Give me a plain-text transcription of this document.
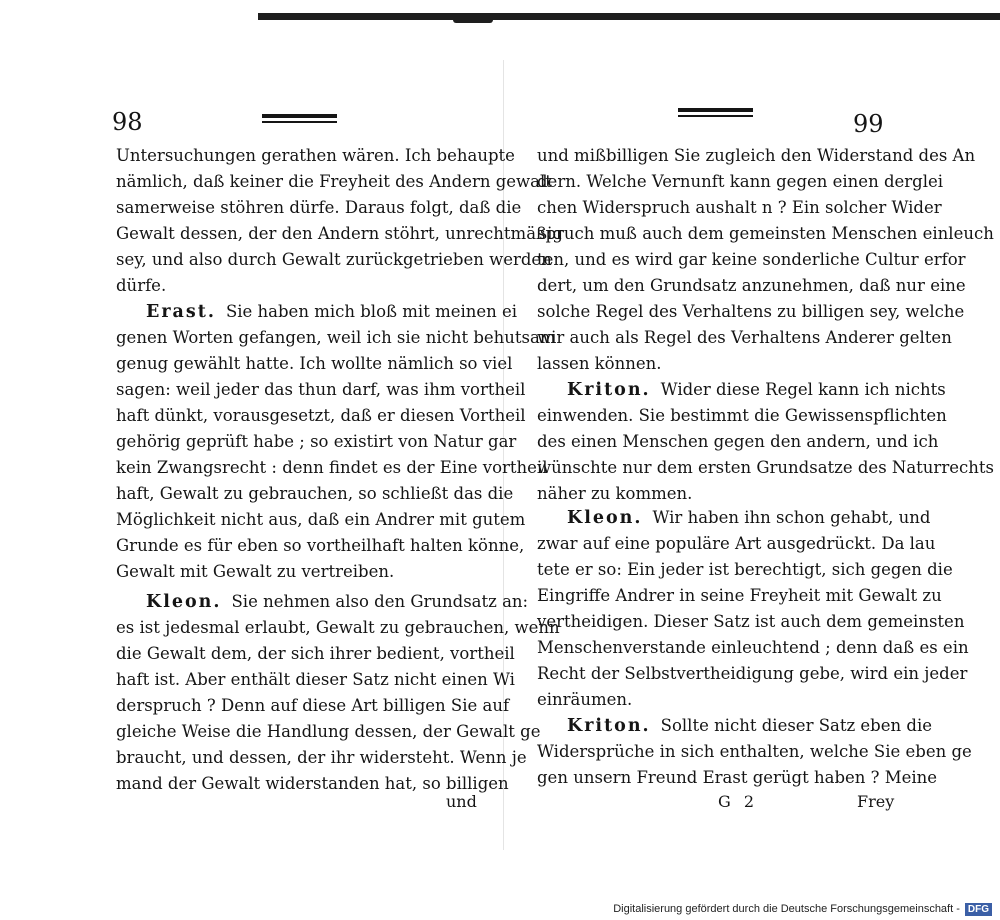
98
Untersuchungen gerathen wären. Ich behaupte
nämlich, daß keiner die Freyheit des Andern gewalt
samerweise stöhren dürfe. Daraus folgt, daß die
Gewalt dessen, der den Andern stöhrt, unrechtmäßig
sey, und also durch Gewalt zurückgetrieben werden
dürfe.
Erast. Sie haben mich bloß mit meinen ei
genen Worten gefangen, weil ich sie nicht behutsam
genug gewählt hatte. Ich wollte nämlich so viel
sagen: weil jeder das thun darf, was ihm vortheil
haft dünkt, vorausgesetzt, daß er diesen Vortheil
gehörig geprüft habe ; so existirt von Natur gar
kein Zwangsrecht : denn findet es der Eine vortheil
haft, Gewalt zu gebrauchen, so schließt das die
Möglichkeit nicht aus, daß ein Andrer mit gutem
Grunde es für eben so vortheilhaft halten könne,
Gewalt mit Gewalt zu vertreiben.
Kleon. Sie nehmen also den Grundsatz an:
es ist jedesmal erlaubt, Gewalt zu gebrauchen, wenn
die Gewalt dem, der sich ihrer bedient, vortheil
haft ist. Aber enthält dieser Satz nicht einen Wi
derspruch ? Denn auf diese Art billigen Sie auf
gleiche Weise die Handlung dessen, der Gewalt ge
braucht, und dessen, der ihr widersteht. Wenn je
mand der Gewalt widerstanden hat, so billigen
und
99
und mißbilligen Sie zugleich den Widerstand des An
dern. Welche Vernunft kann gegen einen derglei
chen Widerspruch aushalt n ? Ein solcher Wider
spruch muß auch dem gemeinsten Menschen einleuch
ten, und es wird gar keine sonderliche Cultur erfor
dert, um den Grundsatz anzunehmen, daß nur eine
solche Regel des Verhaltens zu billigen sey, welche
wir auch als Regel des Verhaltens Anderer gelten
lassen können.
Kriton. Wider diese Regel kann ich nichts
einwenden. Sie bestimmt die Gewissenspflichten
des einen Menschen gegen den andern, und ich
wünschte nur dem ersten Grundsatze des Naturrechts
näher zu kommen.
Kleon. Wir haben ihn schon gehabt, und
zwar auf eine populäre Art ausgedrückt. Da lau
tete er so: Ein jeder ist berechtigt, sich gegen die
Eingriffe Andrer in seine Freyheit mit Gewalt zu
vertheidigen. Dieser Satz ist auch dem gemeinsten
Menschenverstande einleuchtend ; denn daß es ein
Recht der Selbstvertheidigung gebe, wird ein jeder
einräumen.
Kriton. Sollte nicht dieser Satz eben die
Widersprüche in sich enthalten, welche Sie eben ge
gen unsern Freund Erast gerügt haben ? Meine
G 2	Frey
Digitalisierung gefördert durch die Deutsche Forschungsgemeinschaft - DFG
